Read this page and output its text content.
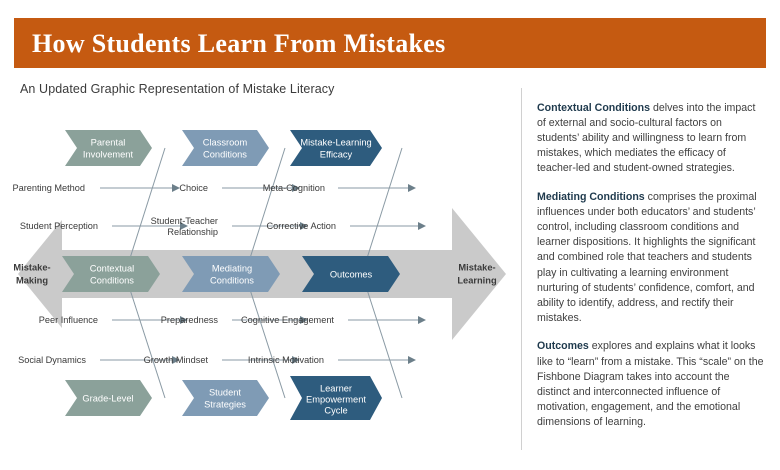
How Students Learn From Mistakes
An Updated Graphic Representation of Mistake Literacy
Parenting Method
Student Perception
Choice
Student-Teacher
Relationship
Meta-Cognition
Corrective Action
Peer Influence
Social Dynamics
Preparedness
Growth Mindset
Cognitive Engagement
Intrinsic Motivation
Mistake-
Making
Mistake-
Learning
Contextual
Conditions
Mediating
Conditions
Outcomes
Parental
Involvement
Classroom
Conditions
Mistake-Learning
Efficacy
Grade-Level
Student
Strategies
Learner
Empowerment
Cycle

Contextual Conditions delves into the impact of external and socio-cultural factors on students’ ability and willingness to learn from mistakes, which mediates the efficacy of teacher-led and student-owned strategies.

Mediating Conditions comprises the proximal influences under both educators’ and students’ control, including classroom conditions and learner dispositions. It highlights the significant and combined role that teachers and students play in cultivating a learning environment nurturing of students’ confidence, comfort, and ability to identify, address, and rectify their mistakes.

Outcomes explores and explains what it looks like to “learn” from a mistake. This “scale” on the Fishbone Diagram takes into account the distinct and interconnected influence of motivation, engagement, and the emotional dimensions of learning.
